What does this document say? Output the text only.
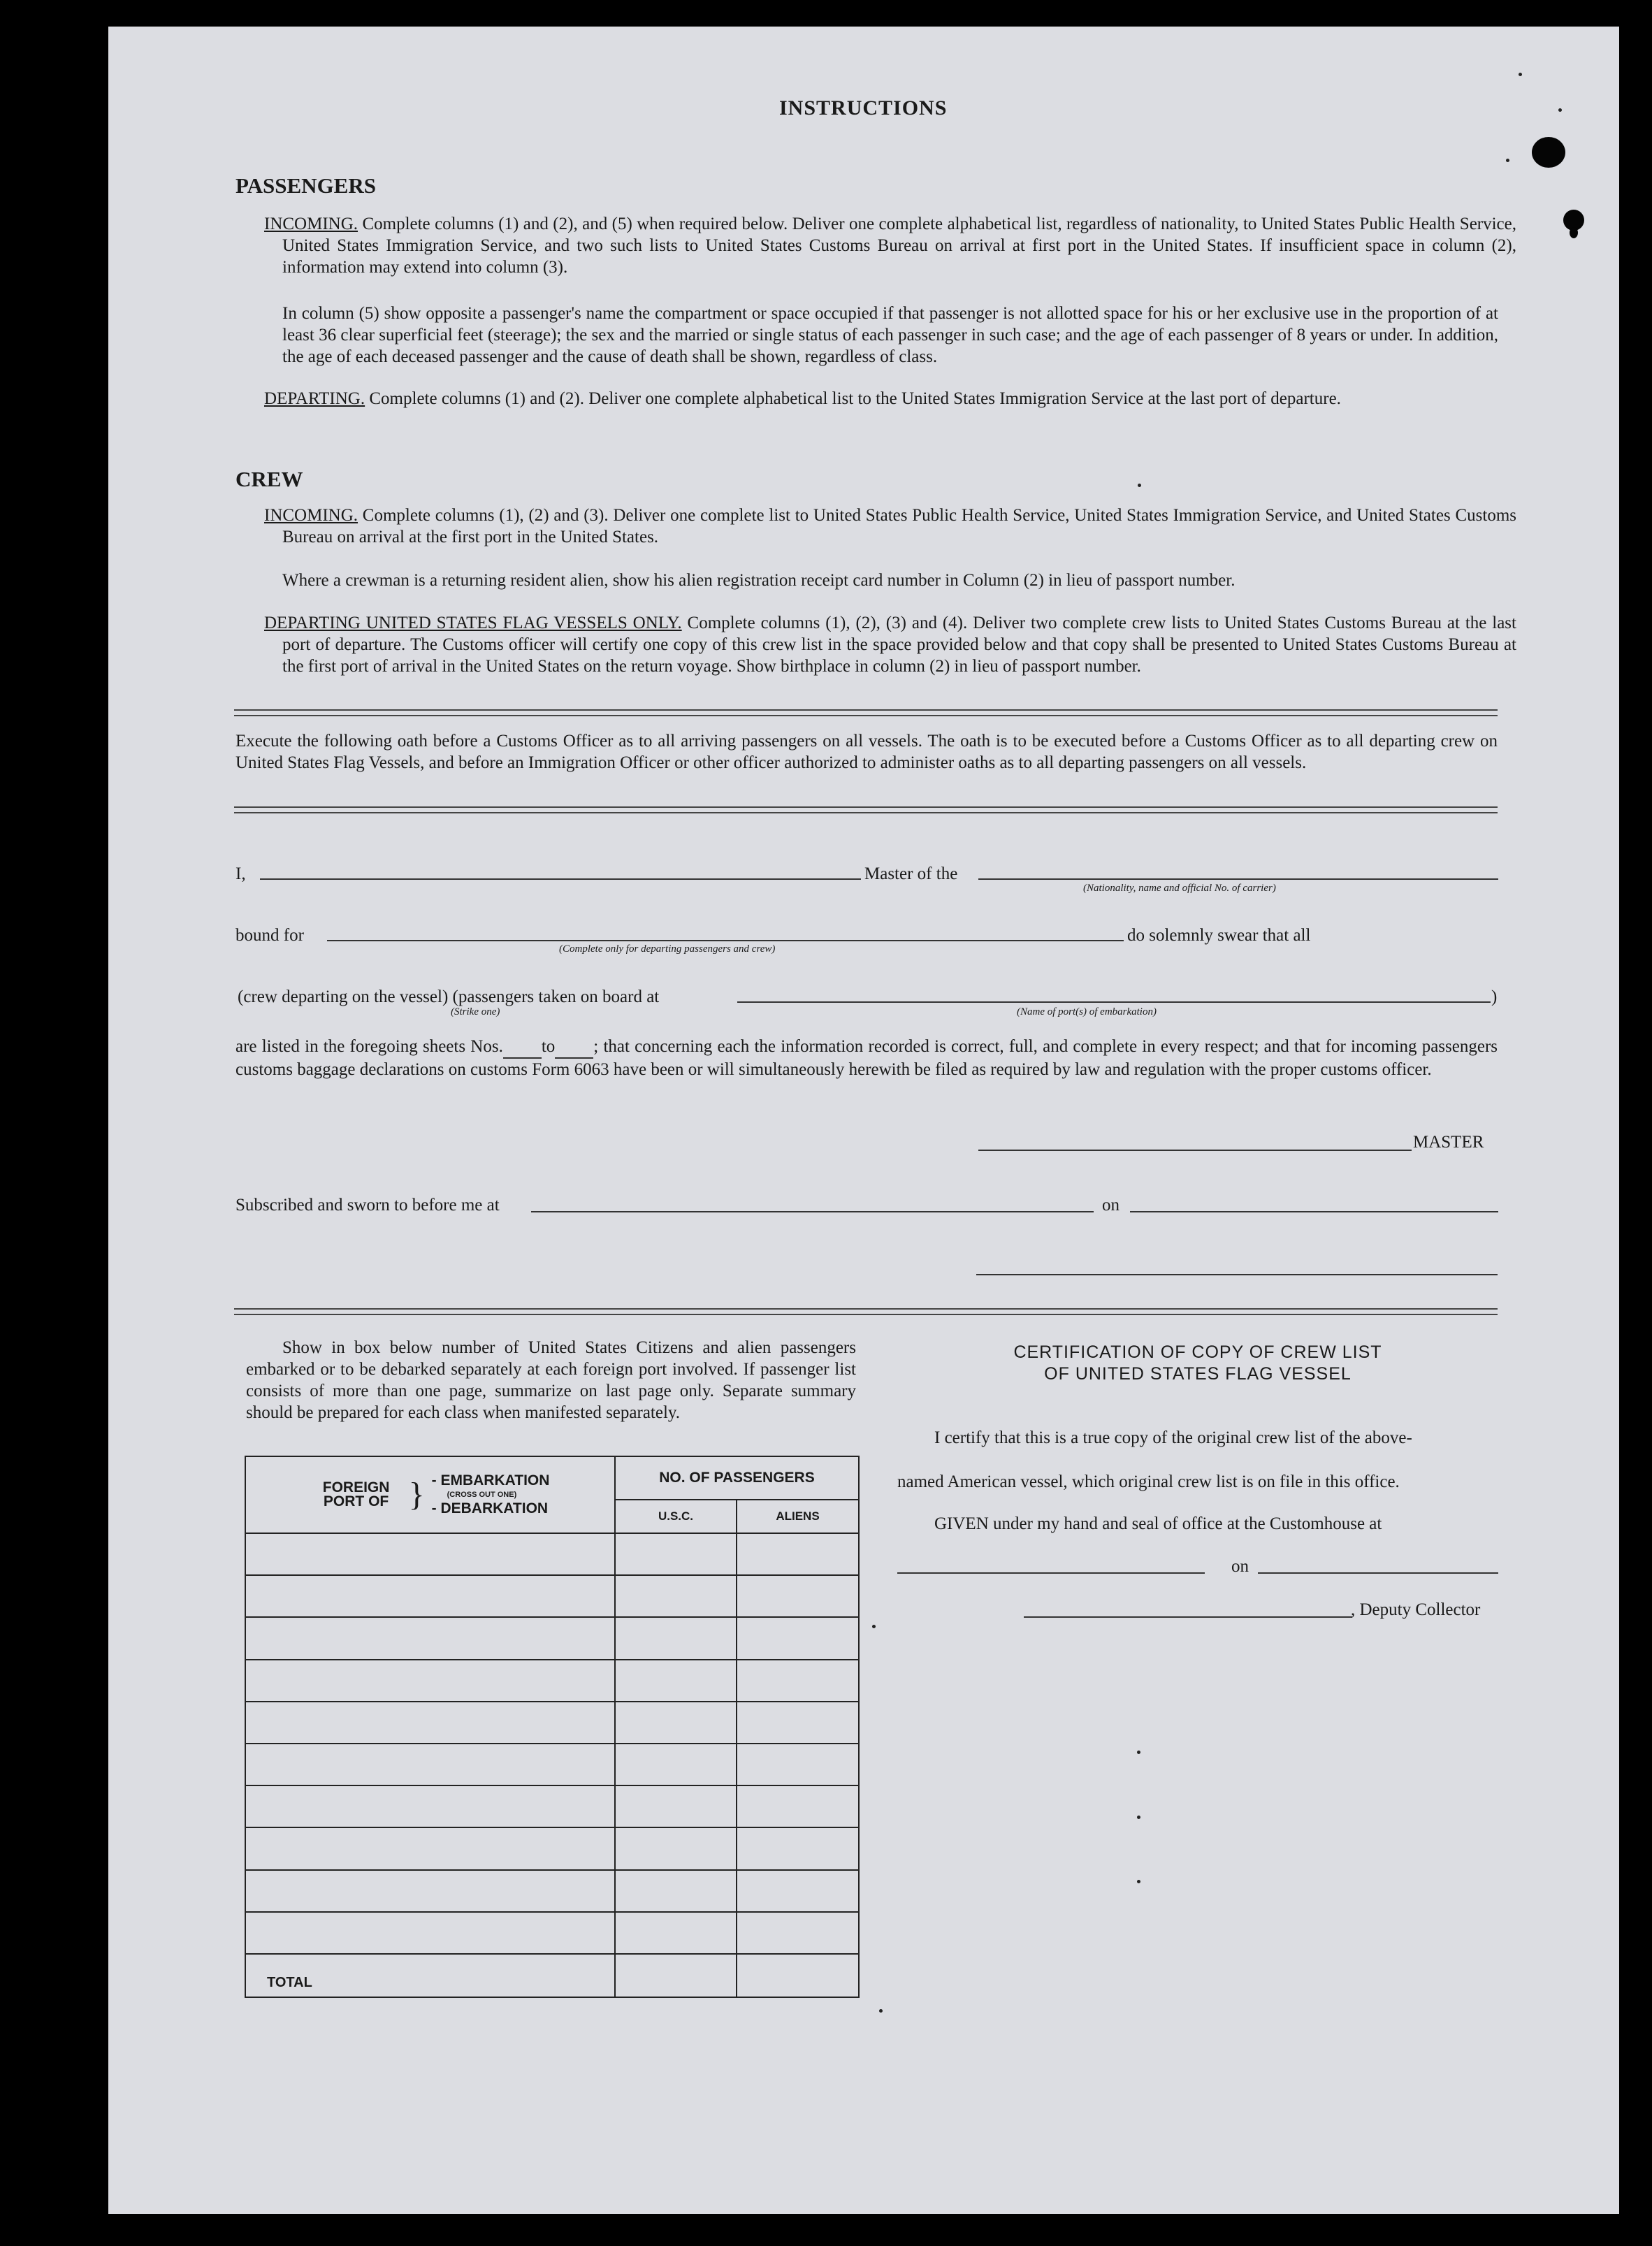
INSTRUCTIONS
PASSENGERS
INCOMING. Complete columns (1) and (2), and (5) when required below. Deliver one complete alphabetical list, regardless of nationality, to United States Public Health Service, United States Immigration Service, and two such lists to United States Customs Bureau on arrival at first port in the United States. If insufficient space in column (2), information may extend into column (3).
In column (5) show opposite a passenger's name the compartment or space occupied if that passenger is not allotted space for his or her exclusive use in the proportion of at least 36 clear superficial feet (steerage); the sex and the married or single status of each passenger in such case; and the age of each passenger of 8 years or under. In addition, the age of each deceased passenger and the cause of death shall be shown, regardless of class.
DEPARTING. Complete columns (1) and (2). Deliver one complete alphabetical list to the United States Immigration Service at the last port of departure.
CREW
INCOMING. Complete columns (1), (2) and (3). Deliver one complete list to United States Public Health Service, United States Immigration Service, and United States Customs Bureau on arrival at the first port in the United States.
Where a crewman is a returning resident alien, show his alien registration receipt card number in Column (2) in lieu of passport number.
DEPARTING UNITED STATES FLAG VESSELS ONLY. Complete columns (1), (2), (3) and (4). Deliver two complete crew lists to United States Customs Bureau at the last port of departure. The Customs officer will certify one copy of this crew list in the space provided below and that copy shall be presented to United States Customs Bureau at the first port of arrival in the United States on the return voyage. Show birthplace in column (2) in lieu of passport number.
Execute the following oath before a Customs Officer as to all arriving passengers on all vessels. The oath is to be executed before a Customs Officer as to all departing crew on United States Flag Vessels, and before an Immigration Officer or other officer authorized to administer oaths as to all departing passengers on all vessels.
I,	Master of the
(Nationality, name and official No. of carrier)
bound for
(Complete only for departing passengers and crew)
do solemnly swear that all
(crew departing on the vessel) (passengers taken on board at	)
(Strike one)	(Name of port(s) of embarkation)
are listed in the foregoing sheets Nos. to ; that concerning each the information recorded is correct, full, and complete in every respect; and that for incoming passengers customs baggage declarations on customs Form 6063 have been or will simultaneously herewith be filed as required by law and regulation with the proper customs officer.
MASTER
Subscribed and sworn to before me at	on
Show in box below number of United States Citizens and alien passengers embarked or to be debarked separately at each foreign port involved. If passenger list consists of more than one page, summarize on last page only. Separate summary should be prepared for each class when manifested separately.
FOREIGN PORT OF } - EMBARKATION
(CROSS OUT ONE)
- DEBARKATION	NO. OF PASSENGERS	
	U.S.C.	ALIENS

TOTAL		
CERTIFICATION OF COPY OF CREW LIST
OF UNITED STATES FLAG VESSEL
I certify that this is a true copy of the original crew list of the above-
named American vessel, which original crew list is on file in this office.
GIVEN under my hand and seal of office at the Customhouse at
on
, Deputy Collector
